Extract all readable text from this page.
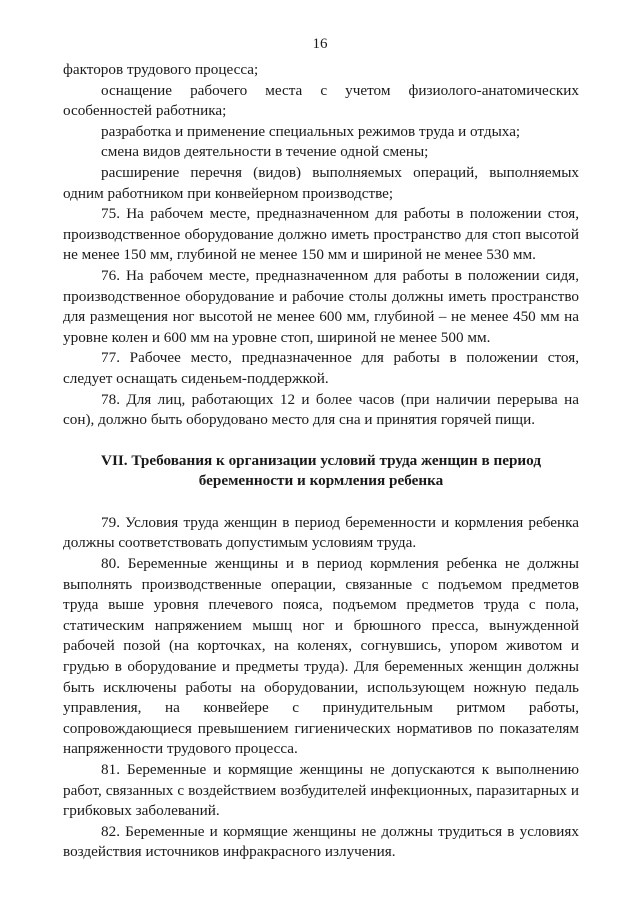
16

факторов трудового процесса;

оснащение рабочего места с учетом физиолого-анатомических особенностей работника;

разработка и применение специальных режимов труда и отдыха;

смена видов деятельности в течение одной смены;

расширение перечня (видов) выполняемых операций, выполняемых одним работником при конвейерном производстве;

75. На рабочем месте, предназначенном для работы в положении стоя, производственное оборудование должно иметь пространство для стоп высотой не менее 150 мм, глубиной не менее 150 мм и шириной не менее 530 мм.

76. На рабочем месте, предназначенном для работы в положении сидя, производственное оборудование и рабочие столы должны иметь пространство для размещения ног высотой не менее 600 мм, глубиной – не менее 450 мм на уровне колен и 600 мм на уровне стоп, шириной не менее 500 мм.

77. Рабочее место, предназначенное для работы в положении стоя, следует оснащать сиденьем-поддержкой.

78. Для лиц, работающих 12 и более часов (при наличии перерыва на сон), должно быть оборудовано место для сна и принятия горячей пищи.

VII. Требования к организации условий труда женщин в период
беременности и кормления ребенка

79. Условия труда женщин в период беременности и кормления ребенка должны соответствовать допустимым условиям труда.

80. Беременные женщины и в период кормления ребенка не должны выполнять производственные операции, связанные с подъемом предметов труда выше уровня плечевого пояса, подъемом предметов труда с пола, статическим напряжением мышц ног и брюшного пресса, вынужденной рабочей позой (на корточках, на коленях, согнувшись, упором животом и грудью в оборудование и предметы труда). Для беременных женщин должны быть исключены работы на оборудовании, использующем ножную педаль управления, на конвейере с принудительным ритмом работы, сопровождающиеся превышением гигиенических нормативов по показателям напряженности трудового процесса.

81. Беременные и кормящие женщины не допускаются к выполнению работ, связанных с воздействием возбудителей инфекционных, паразитарных и грибковых заболеваний.

82. Беременные и кормящие женщины не должны трудиться в условиях воздействия источников инфракрасного излучения.
